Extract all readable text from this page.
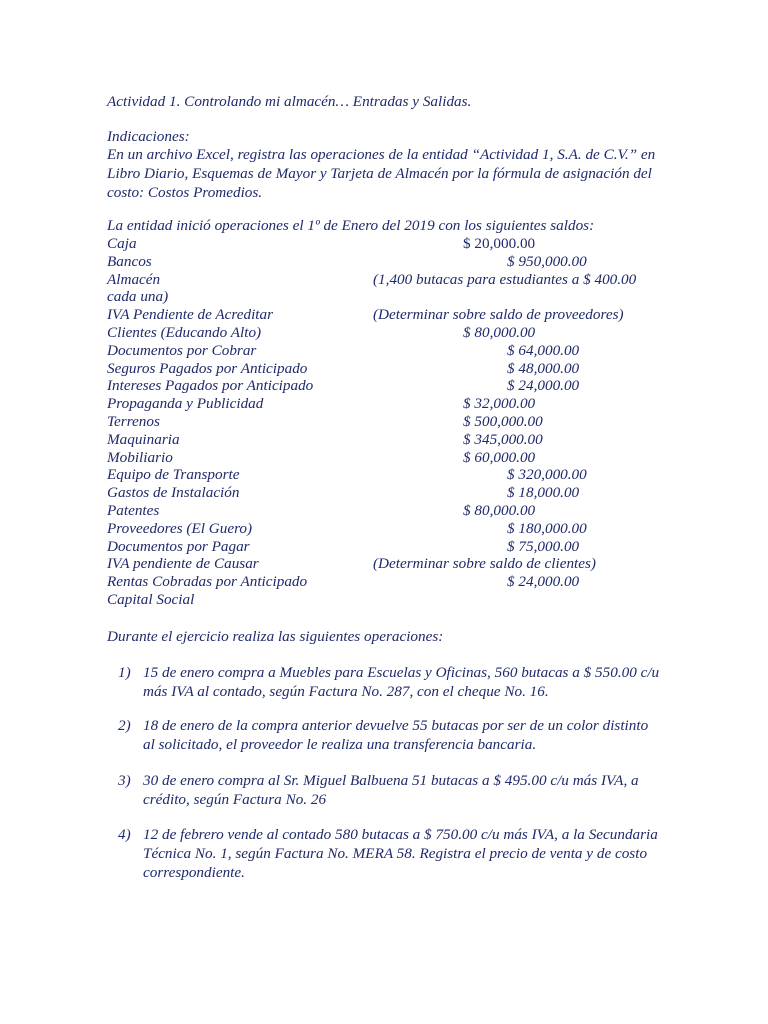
Actividad 1. Controlando mi almacén… Entradas y Salidas.
Indicaciones:
En un archivo Excel, registra las operaciones de la entidad “Actividad 1, S.A. de C.V.” en Libro Diario, Esquemas de Mayor y Tarjeta de Almacén por la fórmula de asignación del costo: Costos Promedios.
La entidad inició operaciones el 1º de Enero del 2019 con los siguientes saldos:
Caja	$ 20,000.00
Bancos	$ 950,000.00
Almacén	(1,400 butacas para estudiantes a $ 400.00
cada una)
IVA Pendiente de Acreditar	(Determinar sobre saldo de proveedores)
Clientes (Educando Alto)	$ 80,000.00
Documentos por Cobrar	$ 64,000.00
Seguros Pagados por Anticipado	$ 48,000.00
Intereses Pagados por Anticipado	$ 24,000.00
Propaganda y Publicidad	$ 32,000.00
Terrenos	$ 500,000.00
Maquinaria	$ 345,000.00
Mobiliario	$ 60,000.00
Equipo de Transporte	$ 320,000.00
Gastos de Instalación	$ 18,000.00
Patentes	$ 80,000.00
Proveedores (El Guero)	$ 180,000.00
Documentos por Pagar	$ 75,000.00
IVA pendiente de Causar	(Determinar sobre saldo de clientes)
Rentas Cobradas por Anticipado	$ 24,000.00
Capital Social
Durante el ejercicio realiza las siguientes operaciones:
1) 15 de enero compra a Muebles para Escuelas y Oficinas, 560 butacas a $ 550.00 c/u más IVA al contado, según Factura No. 287, con el cheque No. 16.
2) 18 de enero de la compra anterior devuelve 55 butacas por ser de un color distinto al solicitado, el proveedor le realiza una transferencia bancaria.
3) 30 de enero compra al Sr. Miguel Balbuena 51 butacas a $ 495.00 c/u más IVA, a crédito, según Factura No. 26
4) 12 de febrero vende al contado 580 butacas a $ 750.00 c/u más IVA, a la Secundaria Técnica No. 1, según Factura No. MERA 58. Registra el precio de venta y de costo correspondiente.
